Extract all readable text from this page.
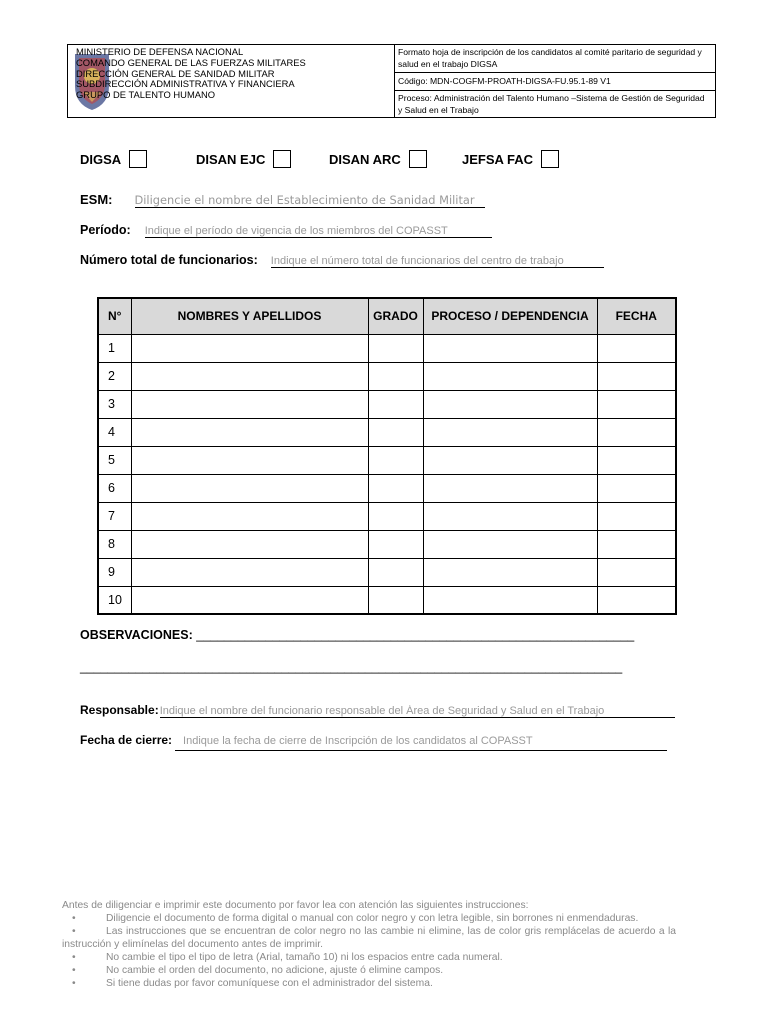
MINISTERIO DE DEFENSA NACIONAL
COMANDO GENERAL DE LAS FUERZAS MILITARES
DIRECCIÓN GENERAL DE SANIDAD MILITAR
SUBDIRECCIÓN ADMINISTRATIVA Y FINANCIERA
GRUPO DE TALENTO HUMANO
Formato hoja de inscripción de los candidatos al comité paritario de seguridad y salud en el trabajo DIGSA
Código: MDN-COGFM-PROATH-DIGSA-FU.95.1-89 V1
Proceso: Administración del Talento Humano –Sistema de Gestión de Seguridad y Salud en el Trabajo
DIGSA	DISAN EJC	DISAN ARC	JEFSA FAC
ESM: Diligencie el nombre del Establecimiento de Sanidad Militar
Período: Indique el período de vigencia de los miembros del COPASST
Número total de funcionarios: Indique el número total de funcionarios del centro de trabajo
N°	NOMBRES Y APELLIDOS	GRADO	PROCESO / DEPENDENCIA	FECHA
1				
2				
3				
4				
5				
6				
7				
8				
9				
10				
OBSERVACIONES: _______________________________________________________________
______________________________________________________________________________
Responsable: Indique el nombre del funcionario responsable del Área de Seguridad y Salud en el Trabajo
Fecha de cierre:	Indique la fecha de cierre de Inscripción de los candidatos al COPASST
Antes de diligenciar e imprimir este documento por favor lea con atención las siguientes instrucciones:
• Diligencie el documento de forma digital o manual con color negro y con letra legible, sin borrones ni enmendaduras.
• Las instrucciones que se encuentran de color negro no las cambie ni elimine, las de color gris remplácelas de acuerdo a la instrucción y elimínelas del documento antes de imprimir.
• No cambie el tipo el tipo de letra (Arial, tamaño 10) ni los espacios entre cada numeral.
• No cambie el orden del documento, no adicione, ajuste ó elimine campos.
• Si tiene dudas por favor comuníquese con el administrador del sistema.
